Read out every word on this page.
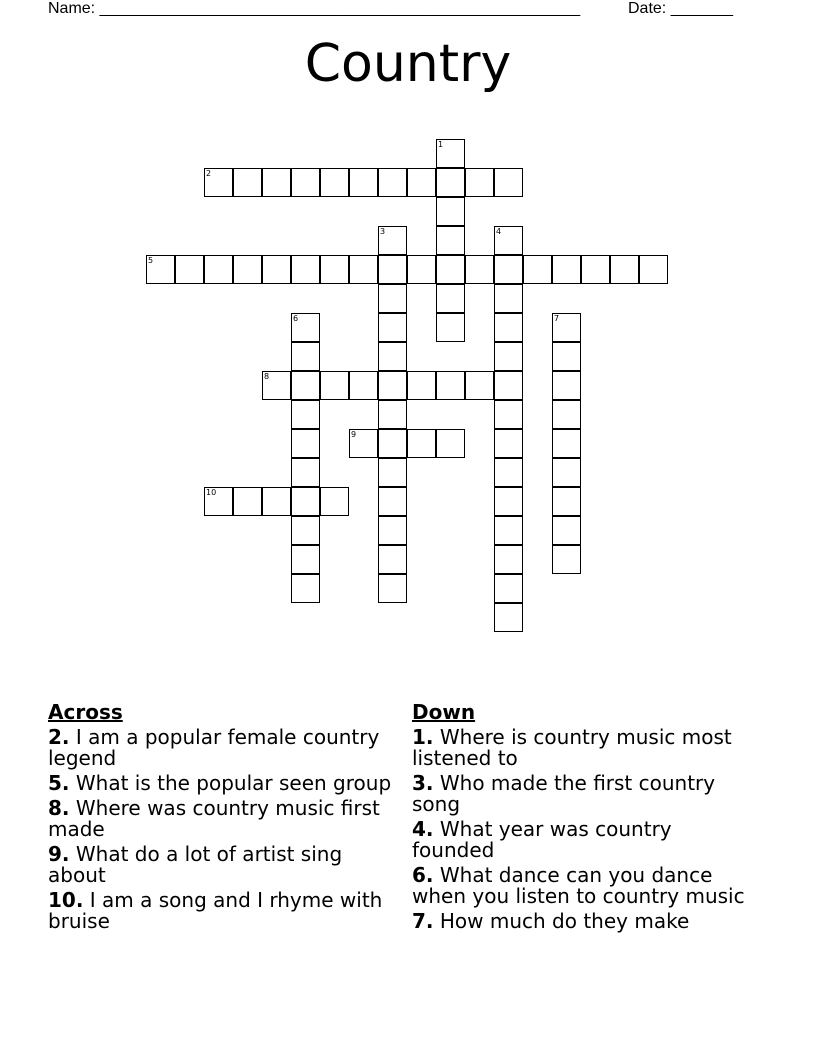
Name: ______________________________________________________	Date: _______
Country
1
2
3	4
5
6	7
8
9
10
Across
2. I am a popular female country legend
5. What is the popular seen group
8. Where was country music first made
9. What do a lot of artist sing about
10. I am a song and I rhyme with bruise
Down
1. Where is country music most listened to
3. Who made the first country song
4. What year was country founded
6. What dance can you dance when you listen to country music
7. How much do they make
